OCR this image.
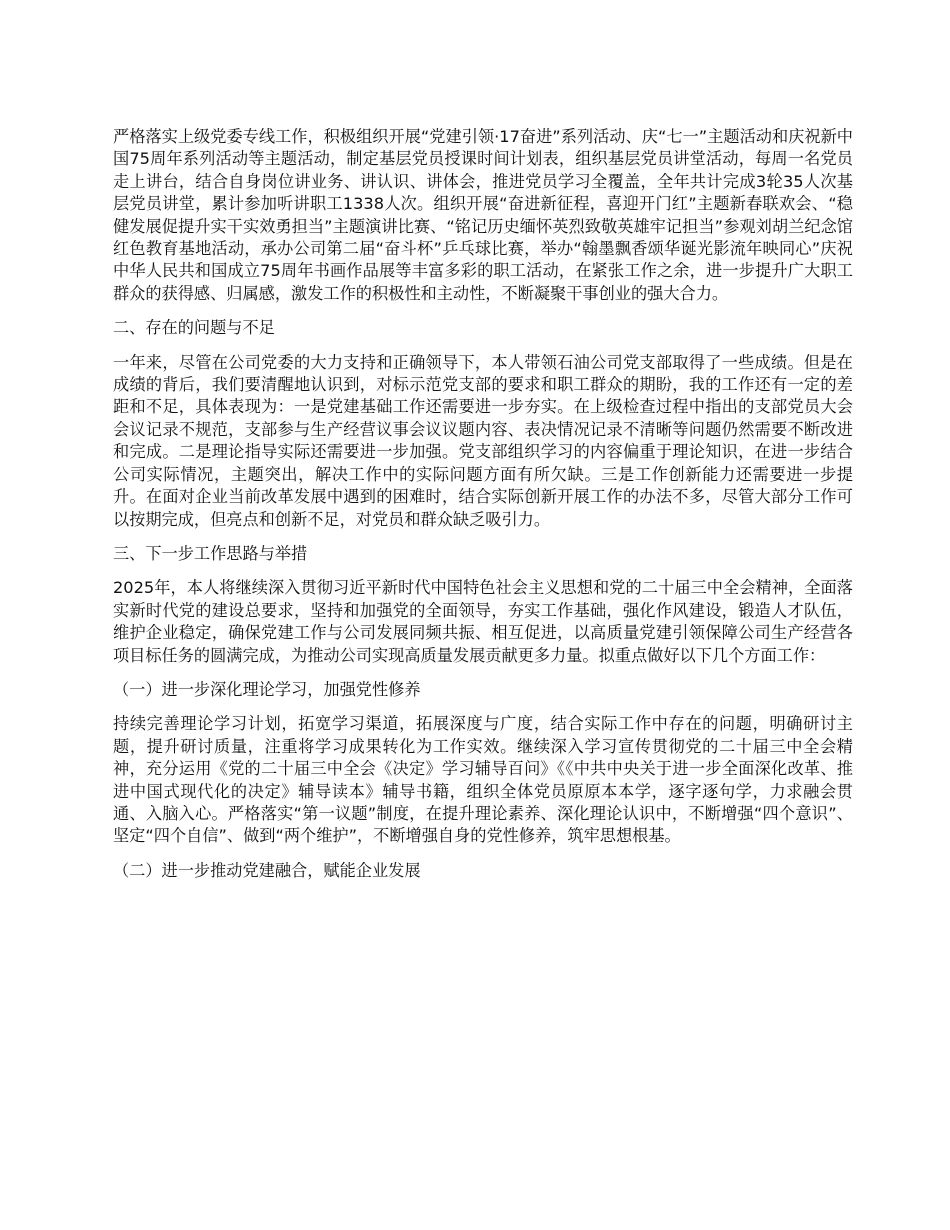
严格落实上级党委专线工作，积极组织开展“党建引领·17奋进”系列活动、庆“七一”主题活动和庆祝新中国75周年系列活动等主题活动，制定基层党员授课时间计划表，组织基层党员讲堂活动，每周一名党员走上讲台，结合自身岗位讲业务、讲认识、讲体会，推进党员学习全覆盖，全年共计完成3轮35人次基层党员讲堂，累计参加听讲职工1338人次。组织开展“奋进新征程，喜迎开门红”主题新春联欢会、“稳健发展促提升实干实效勇担当”主题演讲比赛、“铭记历史缅怀英烈致敬英雄牢记担当”参观刘胡兰纪念馆红色教育基地活动，承办公司第二届“奋斗杯”乒乓球比赛，举办“翰墨飘香颂华诞光影流年映同心”庆祝中华人民共和国成立75周年书画作品展等丰富多彩的职工活动，在紧张工作之余，进一步提升广大职工群众的获得感、归属感，激发工作的积极性和主动性，不断凝聚干事创业的强大合力。

二、存在的问题与不足

一年来，尽管在公司党委的大力支持和正确领导下，本人带领石油公司党支部取得了一些成绩。但是在成绩的背后，我们要清醒地认识到，对标示范党支部的要求和职工群众的期盼，我的工作还有一定的差距和不足，具体表现为：一是党建基础工作还需要进一步夯实。在上级检查过程中指出的支部党员大会会议记录不规范，支部参与生产经营议事会议议题内容、表决情况记录不清晰等问题仍然需要不断改进和完成。二是理论指导实际还需要进一步加强。党支部组织学习的内容偏重于理论知识，在进一步结合公司实际情况，主题突出，解决工作中的实际问题方面有所欠缺。三是工作创新能力还需要进一步提升。在面对企业当前改革发展中遇到的困难时，结合实际创新开展工作的办法不多，尽管大部分工作可以按期完成，但亮点和创新不足，对党员和群众缺乏吸引力。

三、下一步工作思路与举措

2025年，本人将继续深入贯彻习近平新时代中国特色社会主义思想和党的二十届三中全会精神，全面落实新时代党的建设总要求，坚持和加强党的全面领导，夯实工作基础，强化作风建设，锻造人才队伍，维护企业稳定，确保党建工作与公司发展同频共振、相互促进，以高质量党建引领保障公司生产经营各项目标任务的圆满完成，为推动公司实现高质量发展贡献更多力量。拟重点做好以下几个方面工作：

（一）进一步深化理论学习，加强党性修养

持续完善理论学习计划，拓宽学习渠道，拓展深度与广度，结合实际工作中存在的问题，明确研讨主题，提升研讨质量，注重将学习成果转化为工作实效。继续深入学习宣传贯彻党的二十届三中全会精神，充分运用《党的二十届三中全会《决定》学习辅导百问》《《中共中央关于进一步全面深化改革、推进中国式现代化的决定》辅导读本》辅导书籍，组织全体党员原原本本学，逐字逐句学，力求融会贯通、入脑入心。严格落实“第一议题”制度，在提升理论素养、深化理论认识中，不断增强“四个意识”、坚定“四个自信”、做到“两个维护”，不断增强自身的党性修养，筑牢思想根基。

（二）进一步推动党建融合，赋能企业发展
